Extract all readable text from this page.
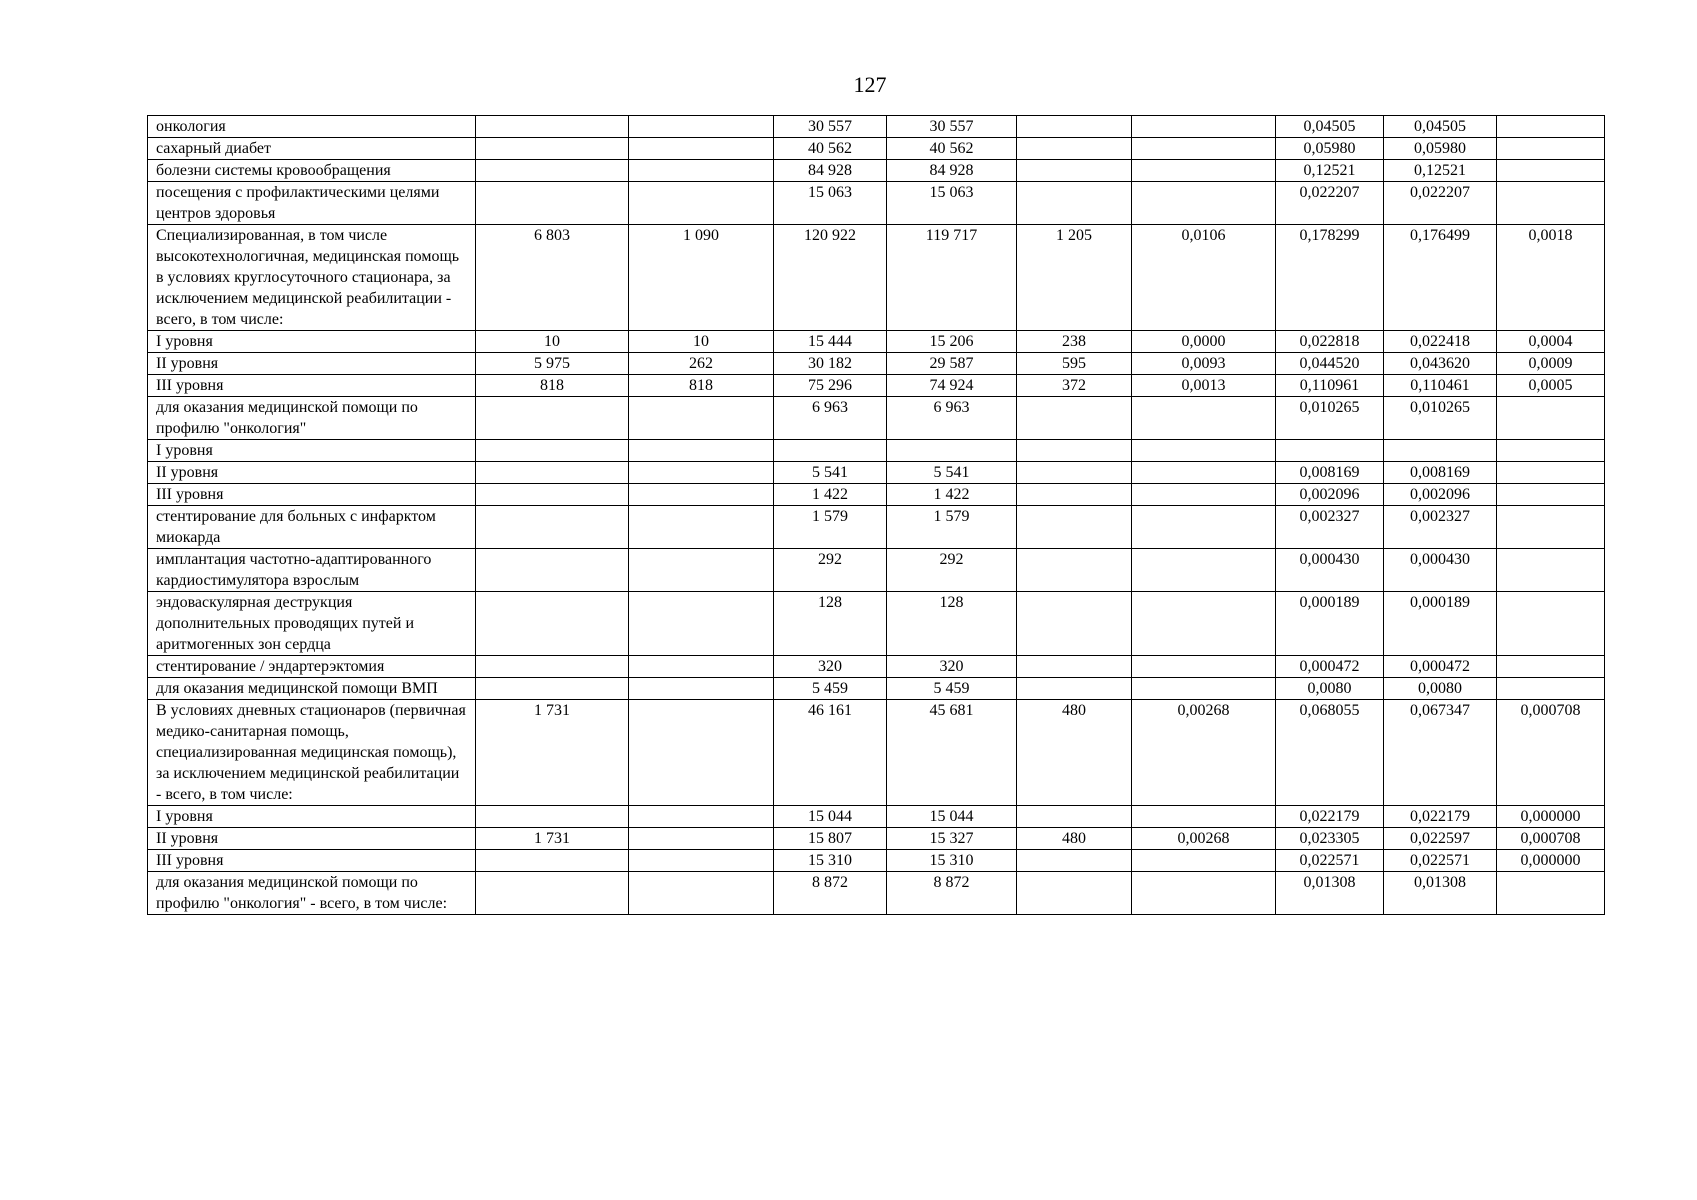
127
онкология			30 557	30 557			0,04505	0,04505	
сахарный диабет			40 562	40 562			0,05980	0,05980	
болезни системы кровообращения			84 928	84 928			0,12521	0,12521	
посещения с профилактическими целями центров здоровья			15 063	15 063			0,022207	0,022207	
Специализированная, в том числе высокотехнологичная, медицинская помощь в условиях круглосуточного стационара, за исключением медицинской реабилитации - всего, в том числе:	6 803	1 090	120 922	119 717	1 205	0,0106	0,178299	0,176499	0,0018
I уровня	10	10	15 444	15 206	238	0,0000	0,022818	0,022418	0,0004
II уровня	5 975	262	30 182	29 587	595	0,0093	0,044520	0,043620	0,0009
III уровня	818	818	75 296	74 924	372	0,0013	0,110961	0,110461	0,0005
для оказания медицинской помощи по профилю "онкология"			6 963	6 963			0,010265	0,010265	
I уровня									
II уровня			5 541	5 541			0,008169	0,008169	
III уровня			1 422	1 422			0,002096	0,002096	
стентирование для больных с инфарктом миокарда			1 579	1 579			0,002327	0,002327	
имплантация частотно-адаптированного кардиостимулятора взрослым			292	292			0,000430	0,000430	
эндоваскулярная деструкция дополнительных проводящих путей и аритмогенных зон сердца			128	128			0,000189	0,000189	
стентирование / эндартерэктомия			320	320			0,000472	0,000472	
для оказания медицинской помощи ВМП			5 459	5 459			0,0080	0,0080	
В условиях дневных стационаров (первичная медико-санитарная помощь, специализированная медицинская помощь), за исключением медицинской реабилитации - всего, в том числе:	1 731		46 161	45 681	480	0,00268	0,068055	0,067347	0,000708
I уровня			15 044	15 044			0,022179	0,022179	0,000000
II уровня	1 731		15 807	15 327	480	0,00268	0,023305	0,022597	0,000708
III уровня			15 310	15 310			0,022571	0,022571	0,000000
для оказания медицинской помощи по профилю "онкология" - всего, в том числе:			8 872	8 872			0,01308	0,01308	
